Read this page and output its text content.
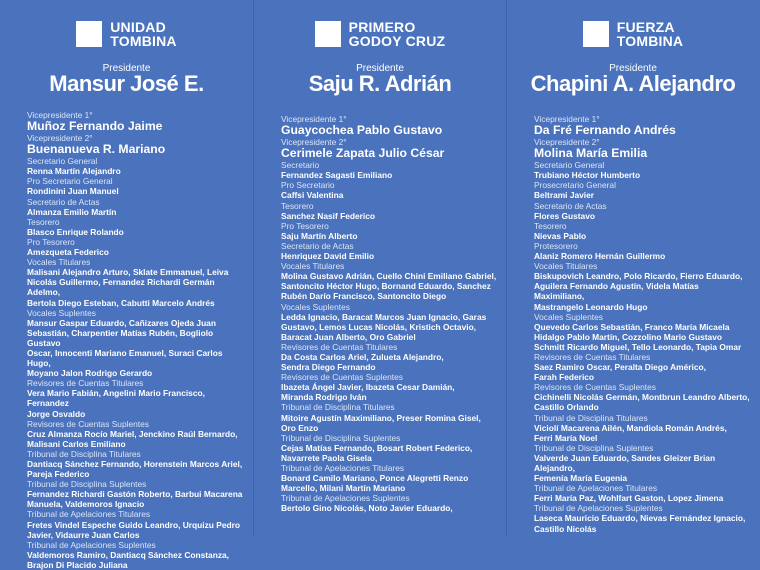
UNIDAD
TOMBINA
Presidente
Mansur José E.
Vicepresidente 1°
Muñoz Fernando Jaime
Vicepresidente 2°
Buenanueva R. Mariano
Secretario General
Renna Martín Alejandro
Pro Secretario General
Rondinini Juan Manuel
Secretario de Actas
Almanza Emilio Martín
Tesorero
Blasco Enrique Rolando
Pro Tesorero
Amezqueta Federico
Vocales Titulares
Malisani Alejandro Arturo, Sklate Emmanuel, Leiva
Nicolás Guillermo, Fernandez Richardi Germán Adelmo,
Bertola Diego Esteban, Cabutti Marcelo Andrés
Vocales Suplentes
Mansur Gaspar Eduardo, Cañizares Ojeda Juan
Sebastián, Charpentier Matías Rubén, Bogliolo Gustavo
Oscar, Innocenti Mariano Emanuel, Suraci Carlos Hugo,
Moyano Jalon Rodrigo Gerardo
Revisores de Cuentas Titulares
Vera Mario Fabián, Angelini Mario Francisco, Fernandez
Jorge Osvaldo
Revisores de Cuentas Suplentes
Cruz Almanza Rocío Mariel, Jenckino Raúl Bernardo,
Malisani Carlos Emiliano
Tribunal de Disciplina Titulares
Dantiacq Sánchez Fernando, Horenstein Marcos Ariel,
Pareja Federico
Tribunal de Disciplina Suplentes
Fernandez Richardi Gastón Roberto, Barbui Macarena
Manuela, Valdemoros Ignacio
Tribunal de Apelaciones Titulares
Fretes Vindel Espeche Guido Leandro, Urquizu Pedro
Javier, Vidaurre Juan Carlos
Tribunal de Apelaciones Suplentes
Valdemoros Ramiro, Dantiacq Sánchez Constanza,
Brajon Di Placido Juliana
PRIMERO
GODOY CRUZ
Presidente
Saju R. Adrián
Vicepresidente 1°
Guaycochea Pablo Gustavo
Vicepresidente 2°
Cerimele Zapata Julio César
Secretario
Fernandez Sagasti Emiliano
Pro Secretario
Caffsi Valentina
Tesorero
Sanchez Nasif Federico
Pro Tesorero
Saju Martín Alberto
Secretario de Actas
Henriquez David Emilio
Vocales Titulares
Molina Gustavo Adrián, Cuello Chini Emiliano Gabriel,
Santoncito Héctor Hugo, Bornand Eduardo, Sanchez
Rubén Darío Francisco, Santoncito Diego
Vocales Suplentes
Ledda Ignacio, Baracat Marcos Juan Ignacio, Garas
Gustavo, Lemos Lucas Nicolás, Kristich Octavio,
Baracat Juan Alberto, Oro Gabriel
Revisores de Cuentas Titulares
Da Costa Carlos Ariel, Zulueta Alejandro,
Sendra Diego Fernando
Revisores de Cuentas Suplentes
Ibazeta Ángel Javier, Ibazeta Cesar Damián,
Miranda Rodrigo Iván
Tribunal de Disciplina Titulares
Mitoire Agustín Maximiliano, Preser Romina Gisel,
Oro Enzo
Tribunal de Disciplina Suplentes
Cejas Matías Fernando, Bosart Robert Federico,
Navarrete Paola Gisela
Tribunal de Apelaciones Titulares
Bonard Camilo Mariano, Ponce Alegretti Renzo
Marcello, Milani Martín Mariano
Tribunal de Apelaciones Suplentes
Bertolo Gino Nicolás, Noto Javier Eduardo,
FUERZA
TOMBINA
Presidente
Chapini A. Alejandro
Vicepresidente 1°
Da Fré Fernando Andrés
Vicepresidente 2°
Molina María Emilia
Secretario General
Trubiano Héctor Humberto
Prosecretario General
Beltrami Javier
Secretario de Actas
Flores Gustavo
Tesorero
Nievas Pablo
Protesorero
Alaniz Romero Hernán Guillermo
Vocales Titulares
Biskupovich Leandro, Polo Ricardo, Fierro Eduardo,
Aguilera Fernando Agustín, Videla Matías Maximiliano,
Mastrangelo Leonardo Hugo
Vocales Suplentes
Quevedo Carlos Sebastián, Franco María Micaela
Hidalgo Pablo Martín, Cozzolino Mario Gustavo
Schmitt Ricardo Miguel, Tello Leonardo, Tapia Omar
Revisores de Cuentas Titulares
Saez Ramiro Oscar, Peralta Diego Américo,
Farah Federico
Revisores de Cuentas Suplentes
Cichinelli Nicolás Germán, Montbrun Leandro Alberto,
Castillo Orlando
Tribunal de Disciplina Titulares
Viciolí Macarena Ailén, Mandiola Román Andrés,
Ferri María Noel
Tribunal de Disciplina Suplentes
Valverde Juan Eduardo, Sandes Gleizer Brian Alejandro,
Femenía María Eugenia
Tribunal de Apelaciones Titulares
Ferri María Paz, Wohlfart Gaston, Lopez Jimena
Tribunal de Apelaciones Suplentes
Laseca Mauricio Eduardo, Nievas Fernández Ignacio,
Castillo Nicolás
